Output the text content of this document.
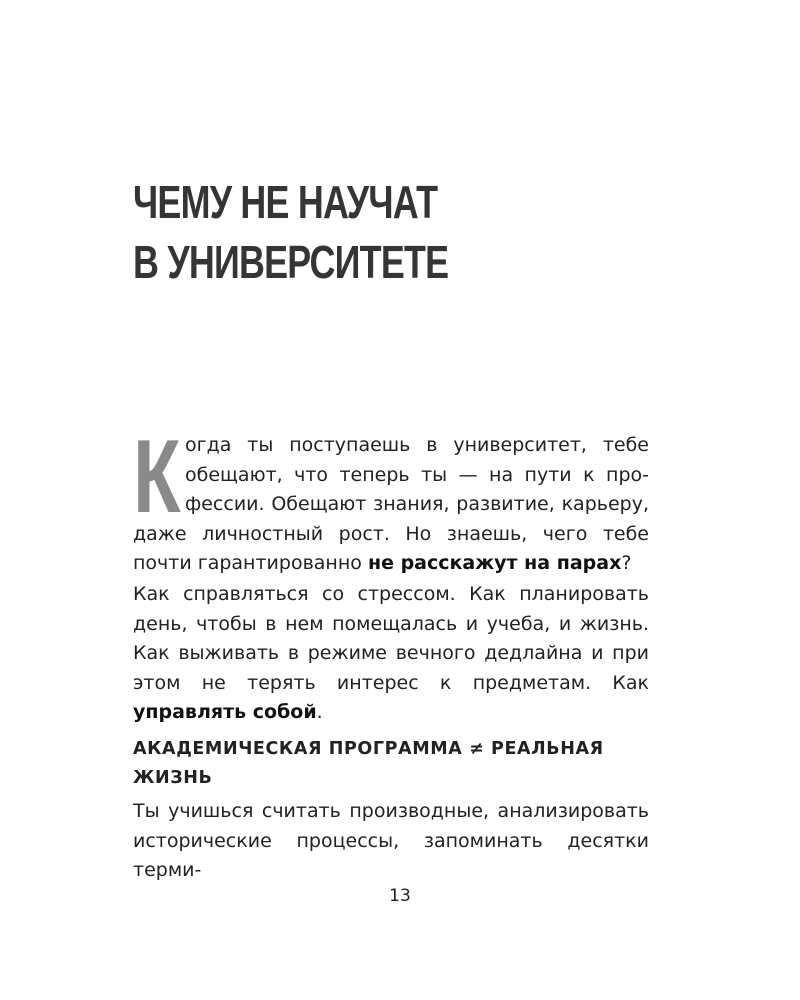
ЧЕМУ НЕ НАУЧАТ
В УНИВЕРСИТЕТЕ
К огда ты поступаешь в университет, тебе обещают, что теперь ты — на пути к профессии. Обещают знания, развитие, карьеру, даже личностный рост. Но знаешь, чего тебе почти гарантированно не расскажут на парах?
Как справляться со стрессом. Как планировать день, чтобы в нем помещалась и учеба, и жизнь. Как выживать в режиме вечного дедлайна и при этом не терять интерес к предметам. Как управлять собой.
АКАДЕМИЧЕСКАЯ ПРОГРАММА ≠ РЕАЛЬНАЯ ЖИЗНЬ
Ты учишься считать производные, анализировать исторические процессы, запоминать десятки терми-
13
